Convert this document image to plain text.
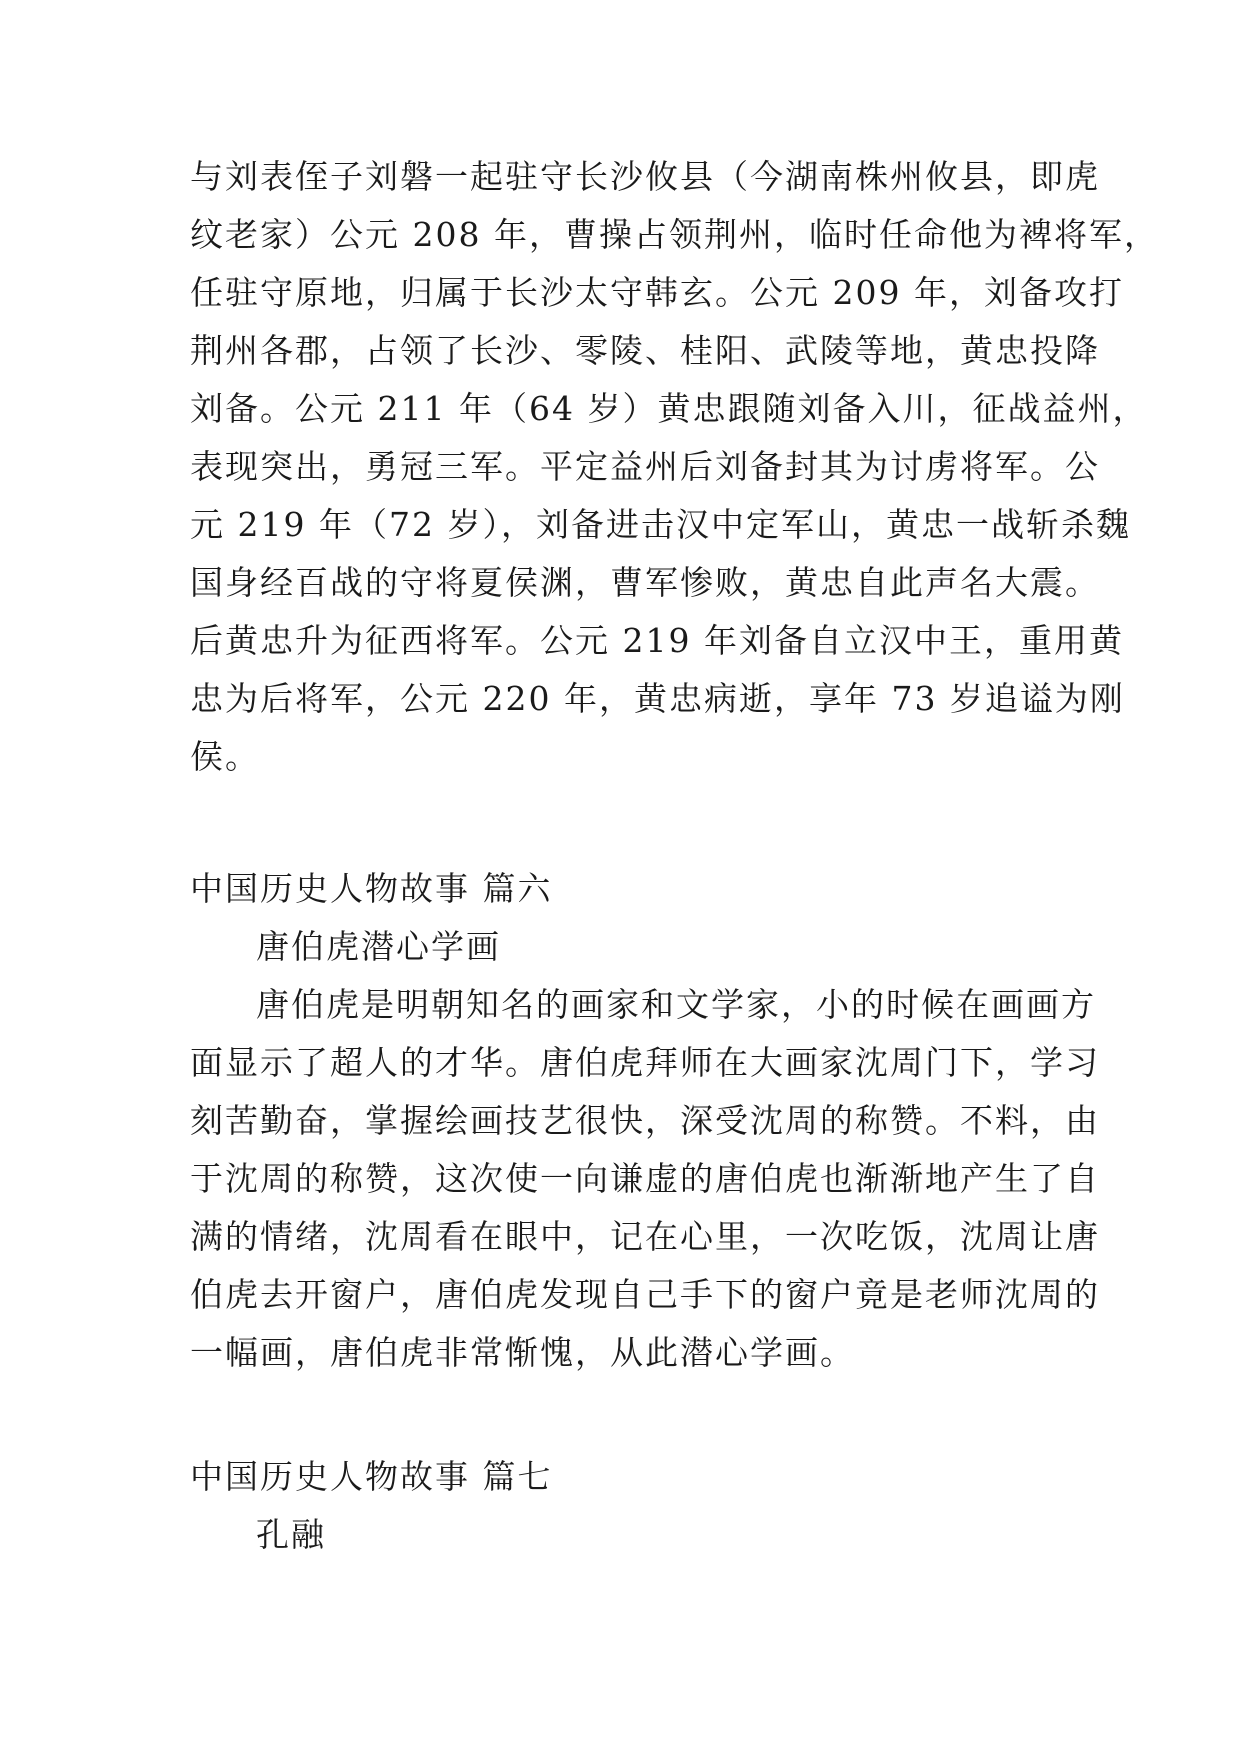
与刘表侄子刘磐一起驻守长沙攸县（今湖南株州攸县，即虎
纹老家）公元 208 年，曹操占领荆州，临时任命他为裨将军，
任驻守原地，归属于长沙太守韩玄。公元 209 年，刘备攻打
荆州各郡，占领了长沙、零陵、桂阳、武陵等地，黄忠投降
刘备。公元 211 年（64 岁）黄忠跟随刘备入川，征战益州，
表现突出，勇冠三军。平定益州后刘备封其为讨虏将军。公
元 219 年（72 岁），刘备进击汉中定军山，黄忠一战斩杀魏
国身经百战的守将夏侯渊，曹军惨败，黄忠自此声名大震。
后黄忠升为征西将军。公元 219 年刘备自立汉中王，重用黄
忠为后将军，公元 220 年，黄忠病逝，享年 73 岁追谥为刚
侯。
中国历史人物故事 篇六
唐伯虎潜心学画
唐伯虎是明朝知名的画家和文学家，小的时候在画画方
面显示了超人的才华。唐伯虎拜师在大画家沈周门下，学习
刻苦勤奋，掌握绘画技艺很快，深受沈周的称赞。不料，由
于沈周的称赞，这次使一向谦虚的唐伯虎也渐渐地产生了自
满的情绪，沈周看在眼中，记在心里，一次吃饭，沈周让唐
伯虎去开窗户，唐伯虎发现自己手下的窗户竟是老师沈周的
一幅画，唐伯虎非常惭愧，从此潜心学画。
中国历史人物故事 篇七
孔融
